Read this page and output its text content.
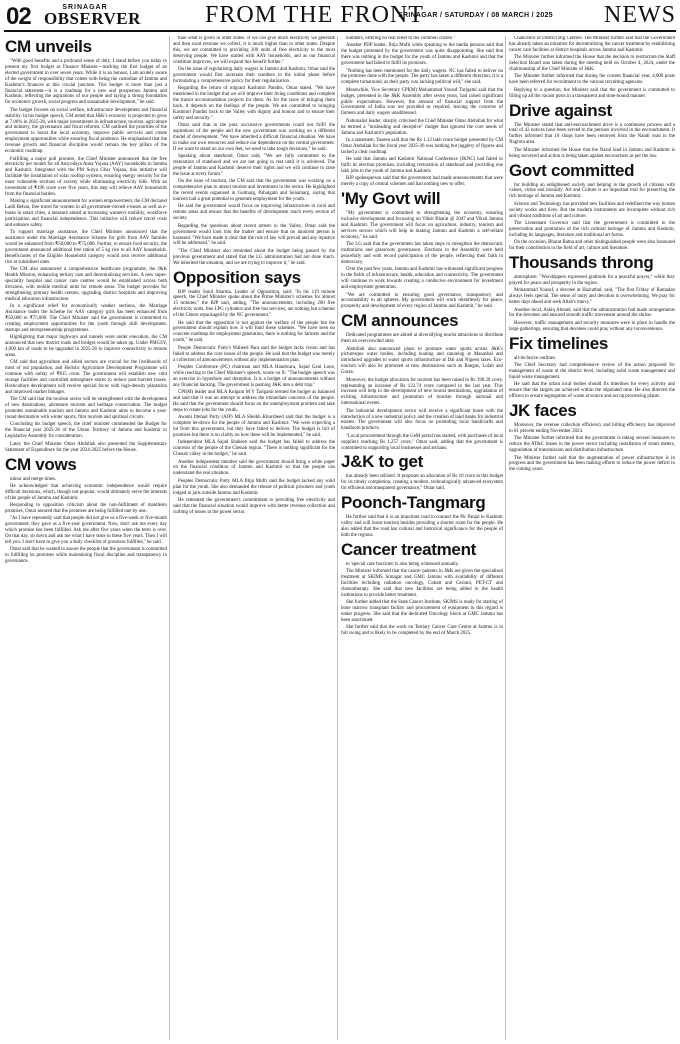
02	SRINAGAR
OBSERVER	FROM THE FRONT
SRINAGAR / SATURDAY / 08 MARCH / 2025 NEWS
CM unveils

"With good benefits and a profound sense of duty, I stand before you today to present my first budget as Finance Minister—marking the first budget of an elected government in over seven years. While it is an honour, I am acutely aware of the weight of responsibility that comes with being the custodian of Jammu and Kashmir's finances at this crucial juncture. This budget is more than just a financial statement—it is a roadmap for a new and prosperous Jammu and Kashmir, reflecting the aspirations of our people and laying a strong foundation for economic growth, social progress and sustainable development," he said.

The budget focuses on social welfare, infrastructure development and financial stability. In his budget speech, CM noted that J&K's economy is projected to grow at 7.06% in 2025-26, with major investments in infrastructure, tourism, agriculture and industry, the governance and fiscal reforms. CM outlined the priorities of the government to boost the local economy, improve public services and create employment opportunities while ensuring fiscal prudence. He emphasised that the revenue growth and financial discipline would remain the key pillars of the economic roadmap.

Fulfilling a major poll promise, the Chief Minister announced that the free electricity per month for all Antyodaya Anna Yojana (AAY) households in Jammu and Kashmir. Integrated with the PM Surya Ghar Yojana, this initiative will facilitate the installation of solar rooftop systems, ensuring energy security for the most vulnerable sections of society while eliminating electricity bills. With an investment of ₹196 crore over five years, this step will relieve AAY households from the financial burden.

Making a significant announcement for women empowerment, the CM declared Ladli Behna, free travel for women in all government-owned e-buses as well as e-buses in smart cities, a measure aimed at increasing women's mobility, workforce participation and financial independence. This initiative will reduce travel costs and enhance safety.

To support marriage assistance, the Chief Minister announced that the assistance under the Marriage Assistance Scheme for girls from AAY families would be enhanced from ₹50,000 to ₹75,000. Further, to ensure food security, the government announced additional free ration of 5 kg rice to all AAY households. Beneficiaries of the Eligible Household category would also receive additional rice at subsidised rates.

The CM also announced a comprehensive healthcare programme, the J&K Health Mission, enhancing tertiary care and decentralising services. A new super-speciality hospital and cancer care centres would be established across both divisions, with mobile medical units for remote areas. The budget provides for strengthening primary health centres, upgrading district hospitals and improving medical education infrastructure.

In a significant relief for economically weaker sections, the Marriage Assistance under the Scheme for AAY category girls has been enhanced from ₹50,000 to ₹75,000. The Chief Minister said the government is committed to creating employment opportunities for the youth through skill development, startups and entrepreneurship programmes.

Highlighting that major highways and tunnels were under execution, the CM announced that new district roads and bridges would be taken up. Under PMGSY, 4,000 km of roads to be upgraded in 2025-26 to improve connectivity to remote areas.

CM said that agriculture and allied sectors are crucial for the livelihoods of most of our population, and Holistic Agriculture Development Programme will continue with outlay of ₹815 crore. The government will establish new cold storage facilities and controlled atmosphere stores to reduce post-harvest losses. Horticulture development will receive special focus with high-density plantation and improved market linkages.

The CM said that the tourism sector will be strengthened with the development of new destinations, adventure tourism and heritage conservation. The budget promotes sustainable tourism and Jammu and Kashmir aims to become a year-round destination with winter sports, film tourism and spiritual circuits.

Concluding his budget speech, the chief minister commended the Budget for the financial year 2025-26 of the Union Territory of Jammu and Kashmir to Legislative Assembly for consideration.

Later, the Chief Minister Omar Abdullah also presented the Supplementary Statement of Expenditure for the year 2024-2025 before the House.

CM vows

minor and merge times.

He acknowledged that achieving economic independence would require difficult decisions, which, though not popular, would ultimately serve the interests of the people of Jammu and Kashmir.

Responding to opposition criticism about the non-fulfilment of manifesto promises, Omar assured that the promises are being fulfilled one by one.

"As I have repeatedly said that people did not give us a five-week or five-month government; they gave us a five-year government. Now, don't ask me every day which promise has been fulfilled. Ask me after five years when the term is over. On that day, sit down and ask me what I have done in these five years. Then I will tell you. I don't have to give you a daily checklist of promises fulfilled," he said.

Omar said that he wanted to assure the people that the government is committed to fulfilling its promises while maintaining fiscal discipline and transparency in governance.

than what is given in other states. If we can give much electricity we generate and then want revenue we collect, it is much higher than in other states. Despite this, we are committed to providing 200 units of free electricity to the most deserving people. We have started with AAY households, and as our financial condition improves, we will expand this benefit further."

On the issue of regularising daily wagers in Jammu and Kashmir, Omar said the government would first ascertain their numbers in the initial phase before formulating a comprehensive policy for their regularisation.

Regarding the return of migrant Kashmiri Pandits, Omar stated, "We have mentioned in the budget that we will improve their living conditions and complete the transit accommodation projects for them. As for the issue of bringing them back, it depends on the feelings of the people. We are committed to bringing Kashmiri Pandits back to the Valley with dignity and honour and to ensure their safety and security."

Omar said that in the past, successive governments could not fulfil the aspirations of the people and the new government was working on a different model of development. "We have inherited a difficult financial situation. We have to make our own resources and reduce our dependence on the central government. If we want to stand on our own feet, we need to take tough decisions," he said.

Speaking about statehood, Omar said, "We are fully committed to the restoration of statehood and we are not going to rest until it is achieved. The people of Jammu and Kashmir deserve their rights and we will continue to raise the issue at every forum."

On the issue of tourism, the CM said that the government was working on a comprehensive plan to attract tourists and investment in the sector. He highlighted the recent events organised in Gulmarg, Pahalgam and Sonamarg, saying that tourism had a great potential to generate employment for the youth.

He said the government would focus on improving infrastructure in rural and remote areas and ensure that the benefits of development reach every section of society.

Regarding the questions about recent arrests in the Valley, Omar said the government would look into the matter and ensure that no innocent person is harassed. "We have made it clear that the rule of law will prevail and any injustice will be addressed," he said.

"The Chief Minister also reminded about the budget being passed by the previous government and stated that the LG administration had not done much. We inherited the situation, and we are trying to improve it," he said.

Opposition says

BJP leader Sunil Sharma, Leader of Opposition, said: "In his 119 minute speech, the Chief Minister spoke about the Prime Minister's schemes for almost 15 minutes," the BJP said, adding, "The announcements, including 200 free electricity units, free LPG cylinders and free bus services, are nothing but schemes of the Centre repackaged by the NC government."

He said that the opposition is not against the welfare of the people but the government should explain how it will fund these schemes. "We have seen no concrete roadmap for employment generation, there is nothing for farmers and the youth," he said.

People Democratic Party's Waheed Para said the budget lacks vision and has failed to address the core issues of the people. He said that the budget was merely a collection of announcements without any implementation plan.

Peoples Conference (PC) chairman and MLA Handwara, Sajad Gani Lone, while reacting to the Chief Minister's speech, wrote on X: "The budget speech was an exercise in hyperbole and deception. It is a budget of announcements without any financial backing. The government is pushing J&K into a debt trap."

CPI(M) leader and MLA Kulgam M Y Tarigami termed the budget as balanced and said that it was an attempt to address the immediate concerns of the people. He said that the government should focus on the unemployment problem and take steps to create jobs for the youth.

Awami Ittehad Party (AIP) MLA Sheikh Khursheed said that the budget is a complete let-down for the people of Jammu and Kashmir. "We were expecting a lot from this government, but they have failed to deliver. The budget is full of promises but there is no clarity on how these will be implemented," he said.

Independent MLA Sajad Shaheen said the budget has failed to address the concerns of the people of the Chenab region. "There is nothing significant for the Chenab valley in the budget," he said.

Another independent member said the government should bring a white paper on the financial condition of Jammu and Kashmir so that the people can understand the real situation.

Peoples Democratic Party MLA Iltija Mufti said the budget lacked any solid plan for the youth. She also demanded the release of political prisoners and youth lodged in jails outside Jammu and Kashmir.

He reiterated the government's commitment to providing free electricity and said that the financial situation would improve with better revenue collection and curbing of losses in the power sector.

numbers, offering no real relief to the common citizen."

Another PDP leader, Iltija Mufti while speaking to the media persons said that the budget presented by the government was quite disappointing. She said that there was nothing in the budget for the youth of Jammu and Kashmir and that the government had failed to fulfil its promises.

"Nothing has been mentioned for the daily wagers. NC has failed to deliver on the promises done with the people. The party has taken a different direction, it is a complete turnaround, as their party was lacking political will," she said.

Meanwhile, Vice Secretary CPI(M) Mohammad Yousuf Tarigami said that the budget, presented in the J&K Assembly after seven years, had raised significant public expectations. However, the amount of financial support from the Government of India was not provided as required, leaving the concerns of farmers and daily wagers unaddressed.

Nationalist leader, sharply criticised the Chief Minister Omar Abdullah for what he termed a "misleading and deceptive" budget that ignored the core needs of Jammu and Kashmir's population.

In a statement, Yaseen said that the Rs 1.12 lakh crore budget presented by CM Omar Abdullah for the fiscal year 2025-26 was nothing but jugglery of figures and lacked a clear roadmap.

He said that Jammu and Kashmir National Conference (JKNC) had failed to fulfil its election promises, including restoration of statehood and providing one lakh jobs to the youth of Jammu and Kashmir.

BJP spokesperson said that the government had made announcements that were merely a copy of central schemes and had nothing new to offer.

'My Govt will

"My government is committed to strengthening the economy, ensuring inclusive development and focussing on Viksit Bharat @ 2047 and Viksit Jammu and Kashmir. The government will focus on agriculture, industry, tourism and services sectors which will help in making Jammu and Kashmir a self-reliant economy," he said.

The LG said that the government has taken steps to strengthen the democratic institutions and grassroots governance. Elections to the Assembly were held peacefully and with record participation of the people, reflecting their faith in democracy.

Over the past few years, Jammu and Kashmir has witnessed significant progress in the fields of infrastructure, health, education and connectivity. The government will continue to work towards creating a conducive environment for investment and employment generation.

"We are committed to ensuring good governance, transparency and accountability in all spheres. My government will work relentlessly for peace, prosperity and development of every region of Jammu and Kashmir," he said.

CM announces

Dedicated programmes are aimed at diversifying tourist attractions to distribute them on overcrowded sites.

Abdullah also announced plans to promote water sports across J&K's picturesque water bodies, including boating and canoeing at Manasbal and introduced upgrades to water sports infrastructure at Dal and Nigeen lakes. Eco-tourism will also be promoted at new destinations such as Bangus, Lolab and Gurez.

Moreover, the budget allocation for tourism has been raised to Rs 390.20 crore, representing an increase of Rs 122.74 crore compared to the last year. This increase will help in the development of new tourist destinations, upgradation of existing infrastructure and promotion of tourism through national and international events.

The industrial development sector will receive a significant boost with the introduction of a new industrial policy and the creation of land banks for industrial estates. The government will also focus on promoting local handicrafts and handloom products.

"Local procurement through the GeM portal has started, with purchases of local suppliers reaching Rs 1,257 crore," Omar said, adding that the government is committed to supporting local businesses and artisans.

J&K to get

has already been utilized. It proposes an allocation of Rs 10 crore in this budget for its timely completion, creating a modern, technologically advanced ecosystem for efficient and transparent governance," Omar said.

Poonch-Tangmarg

He further said that it is an important road to connect the Pir Panjal to Kashmir valley and will boost tourism besides providing a shorter route for the people. He also added that the road has cultural and historical significance for the people of both the regions.

Cancer treatment

to 'special care baccines' is also being witnessed annually.

The Minister informed that the cancer patients in J&K are given the specialised treatment at SKIMS Srinagar and GMC Jammu with availability of different facilities including radiation oncology, Cobalt and Cesium, PET-CT and chemotherapy. She said that new facilities are being added in the health institutions to provide better treatment.

She further added that the State Cancer Institute, SKIMS is ready for starting of bone marrow transplant facility and procurement of equipment in this regard is under progress. She said that the dedicated Oncology block at GMC Jammu has been sanctioned.

She further said that the work on Tertiary Cancer Care Centre at Jammu is in full swing and is likely to be completed by the end of March 2025.

Chancellor of District Big Centres. The Minister further said that the Government has already taken an initiative for decentralizing the cancer treatment by establishing cancer care facilities at district hospitals across Jammu and Kashmir.

The Minister further informed the House that the decision to restructure the Staff Selection Board was taken during the meeting held on October 4, 2024, under the chairmanship of the Chief Minister of J&K.

The Minister further informed that during the current financial year, 4,000 posts have been referred for recruitment to the various recruiting agencies.

Replying to a question, the Minister said that the government is committed to filling up all the vacant posts in a transparent and time-bound manner.

Drive against

The Minister stated that anti-encroachment drive is a continuous process and a total of 42 notices have been served to the persons involved in the encroachment. It further informed that 10 shops have been removed from the Nandi road in the Nagrota area.

The Minister informed the House that the Nazul land in Jammu and Kashmir is being surveyed and action is being taken against encroachers as per the law.

Govt committed

for building an enlightened society and helping in the growth of citizens with values, virtue and morality. Art and Culture is an important tool for preserving the rich heritage of Jammu and Kashmir.

Science and Technology has provided new facilities and redefined the way human society works and lives. But the modern instruments are incomplete without rich and vibrant traditions of art and culture.

The Lieutenant Governor said that the government is committed to the preservation and promotion of the rich cultural heritage of Jammu and Kashmir, including its languages, literature and traditional art forms.

On the occasion, Bharat Ratna and other distinguished people were also honoured for their contribution in the field of art, culture and literature.

Thousands throng

atmosphere. "Worshippers expressed gratitude for a peaceful prayer," while they prayed for peace and prosperity in the region.

Mohammad Yousuf, a devotee at Hazratbal, said, "The first Friday of Ramadan always feels special. The sense of unity and devotion is overwhelming. We pray for better days ahead and seek Allah's mercy."

Another local, Ashiq Ahmad, said that the administration had made arrangements for the devotees and ensured smooth traffic movement around the shrine.

However, traffic management and security measures were in place to handle the large gatherings, ensuring that devotees could pray without any inconvenience.

Fix timelines

all-inclusive outlines.

The Chief Secretary had comprehensive review of the action proposed for management of waste at the district level, including solid waste management and liquid waste management.

He said that the urban local bodies should fix timelines for every activity and ensure that the targets are achieved within the stipulated time. He also directed the officers to ensure segregation of waste at source and set up processing plants.

JK faces

Moreover, the revenue collection efficiency and billing efficiency has improved to 81 percent ending November 2024.

The Minister further informed that the government is taking several measures to reduce the AT&C losses in the power sector including installation of smart meters, upgradation of transmission and distribution infrastructure.

The Minister further said that the augmentation of power infrastructure is in progress and the government has been making efforts to reduce the power deficit in the coming years.
